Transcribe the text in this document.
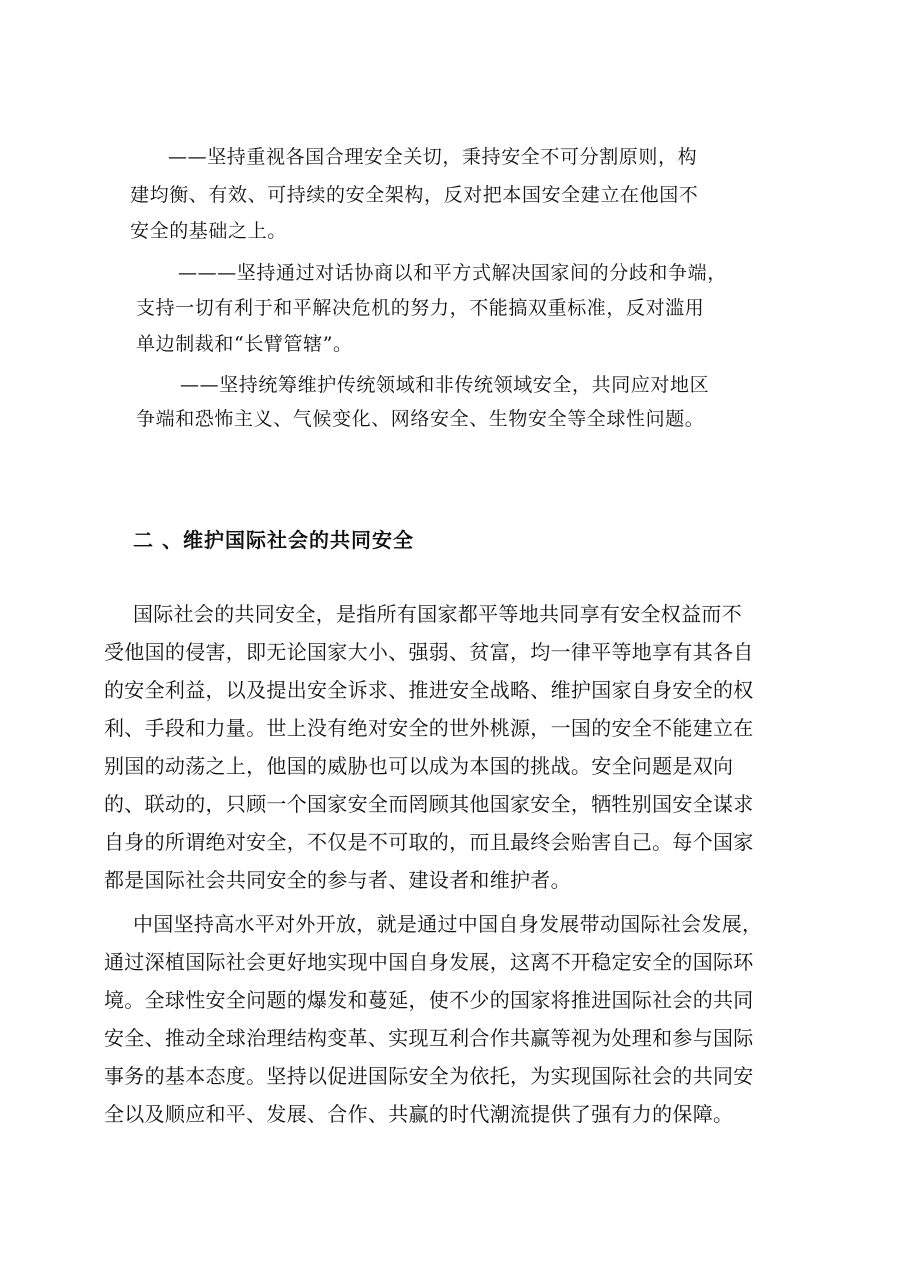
——坚持重视各国合理安全关切，秉持安全不可分割原则，构

建均衡、有效、可持续的安全架构，反对把本国安全建立在他国不

安全的基础之上。

———坚持通过对话协商以和平方式解决国家间的分歧和争端，

支持一切有利于和平解决危机的努力，不能搞双重标准，反对滥用

单边制裁和“长臂管辖”。

——坚持统筹维护传统领域和非传统领域安全，共同应对地区

争端和恐怖主义、气候变化、网络安全、生物安全等全球性问题。

二 、维护国际社会的共同安全

国际社会的共同安全，是指所有国家都平等地共同享有安全权益而不

受他国的侵害，即无论国家大小、强弱、贫富，均一律平等地享有其各自

的安全利益，以及提出安全诉求、推进安全战略、维护国家自身安全的权

利、手段和力量。世上没有绝对安全的世外桃源，一国的安全不能建立在

别国的动荡之上，他国的威胁也可以成为本国的挑战。安全问题是双向

的、联动的，只顾一个国家安全而罔顾其他国家安全，牺牲别国安全谋求

自身的所谓绝对安全，不仅是不可取的，而且最终会贻害自己。每个国家

都是国际社会共同安全的参与者、建设者和维护者。

中国坚持高水平对外开放，就是通过中国自身发展带动国际社会发展，

通过深植国际社会更好地实现中国自身发展，这离不开稳定安全的国际环

境。全球性安全问题的爆发和蔓延，使不少的国家将推进国际社会的共同

安全、推动全球治理结构变革、实现互利合作共赢等视为处理和参与国际

事务的基本态度。坚持以促进国际安全为依托，为实现国际社会的共同安

全以及顺应和平、发展、合作、共赢的时代潮流提供了强有力的保障。
